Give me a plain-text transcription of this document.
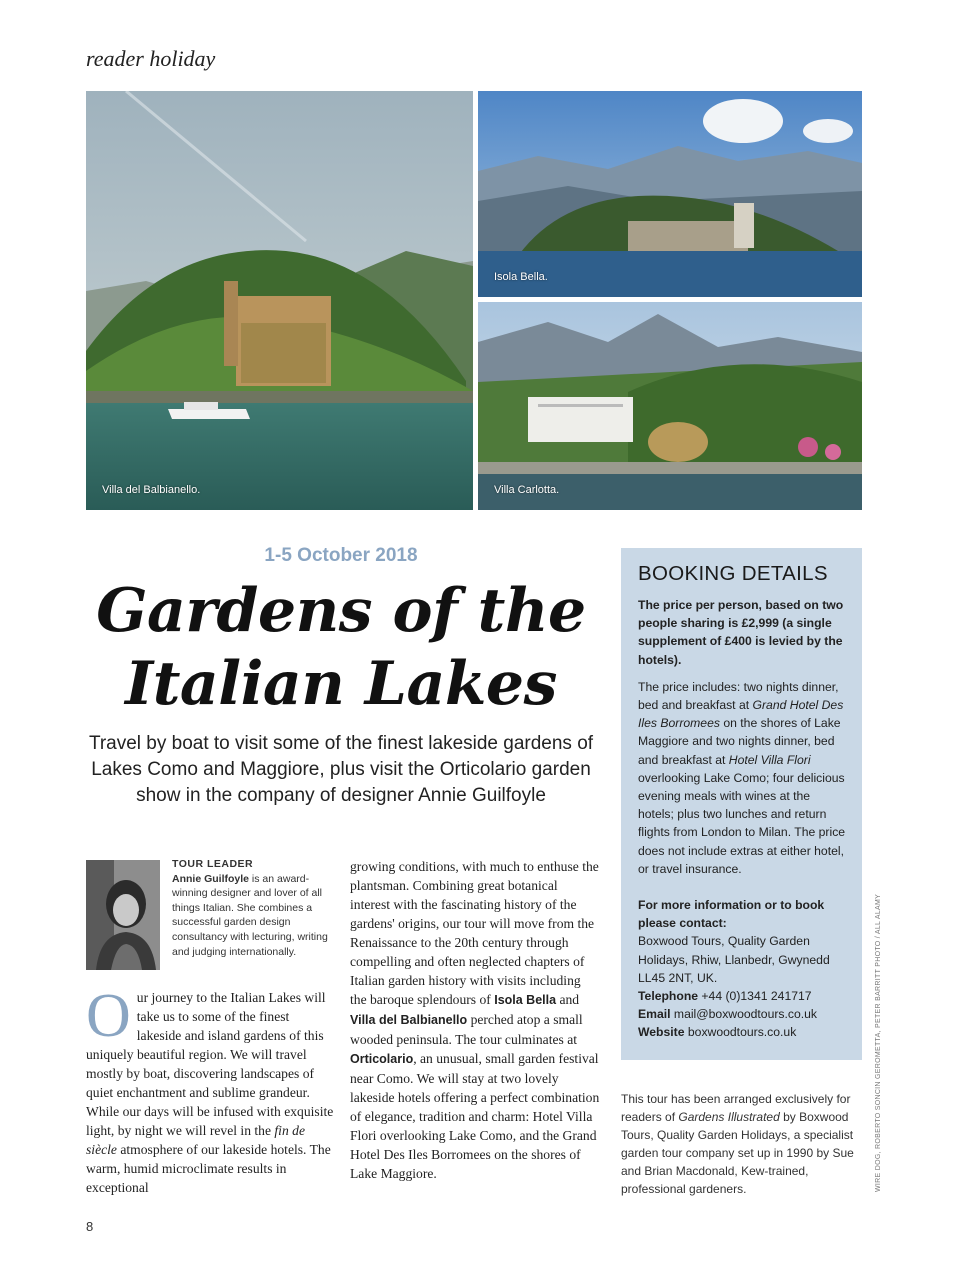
reader holiday
Villa del Balbianello.
Isola Bella.
Villa Carlotta.
1-5 October 2018
Gardens of the
Italian Lakes

Travel by boat to visit some of the finest lakeside gardens of Lakes Como and Maggiore, plus visit the Orticolario garden show in the company of designer Annie Guilfoyle

TOUR LEADER
Annie Guilfoyle is an award-winning designer and lover of all things Italian. She combines a successful garden design consultancy with lecturing, writing and judging internationally.
Our journey to the Italian Lakes will take us to some of the finest lakeside and island gardens of this uniquely beautiful region. We will travel mostly by boat, discovering landscapes of quiet enchantment and sublime grandeur. While our days will be infused with exquisite light, by night we will revel in the fin de siècle atmosphere of our lakeside hotels. The warm, humid microclimate results in exceptional
growing conditions, with much to enthuse the plantsman. Combining great botanical interest with the fascinating history of the gardens' origins, our tour will move from the Renaissance to the 20th century through compelling and often neglected chapters of Italian garden history with visits including the baroque splendours of Isola Bella and Villa del Balbianello perched atop a small wooded peninsula. The tour culminates at Orticolario, an unusual, small garden festival near Como. We will stay at two lovely lakeside hotels offering a perfect combination of elegance, tradition and charm: Hotel Villa Flori overlooking Lake Como, and the Grand Hotel Des Iles Borromees on the shores of Lake Maggiore.
BOOKING DETAILS

The price per person, based on two people sharing is £2,999 (a single supplement of £400 is levied by the hotels).

The price includes: two nights dinner, bed and breakfast at Grand Hotel Des Iles Borromees on the shores of Lake Maggiore and two nights dinner, bed and breakfast at Hotel Villa Flori overlooking Lake Como; four delicious evening meals with wines at the hotels; plus two lunches and return flights from London to Milan. The price does not include extras at either hotel, or travel insurance.

For more information or to book please contact:
Boxwood Tours, Quality Garden Holidays, Rhiw, Llanbedr, Gwynedd LL45 2NT, UK.
Telephone +44 (0)1341 241717
Email mail@boxwoodtours.co.uk
Website boxwoodtours.co.uk

This tour has been arranged exclusively for readers of Gardens Illustrated by Boxwood Tours, Quality Garden Holidays, a specialist garden tour company set up in 1990 by Sue and Brian Macdonald, Kew-trained, professional gardeners.	WIRE DOG, ROBERTO SONCIN GEROMETTA, PETER BARRITT PHOTO / ALL ALAMY
8
